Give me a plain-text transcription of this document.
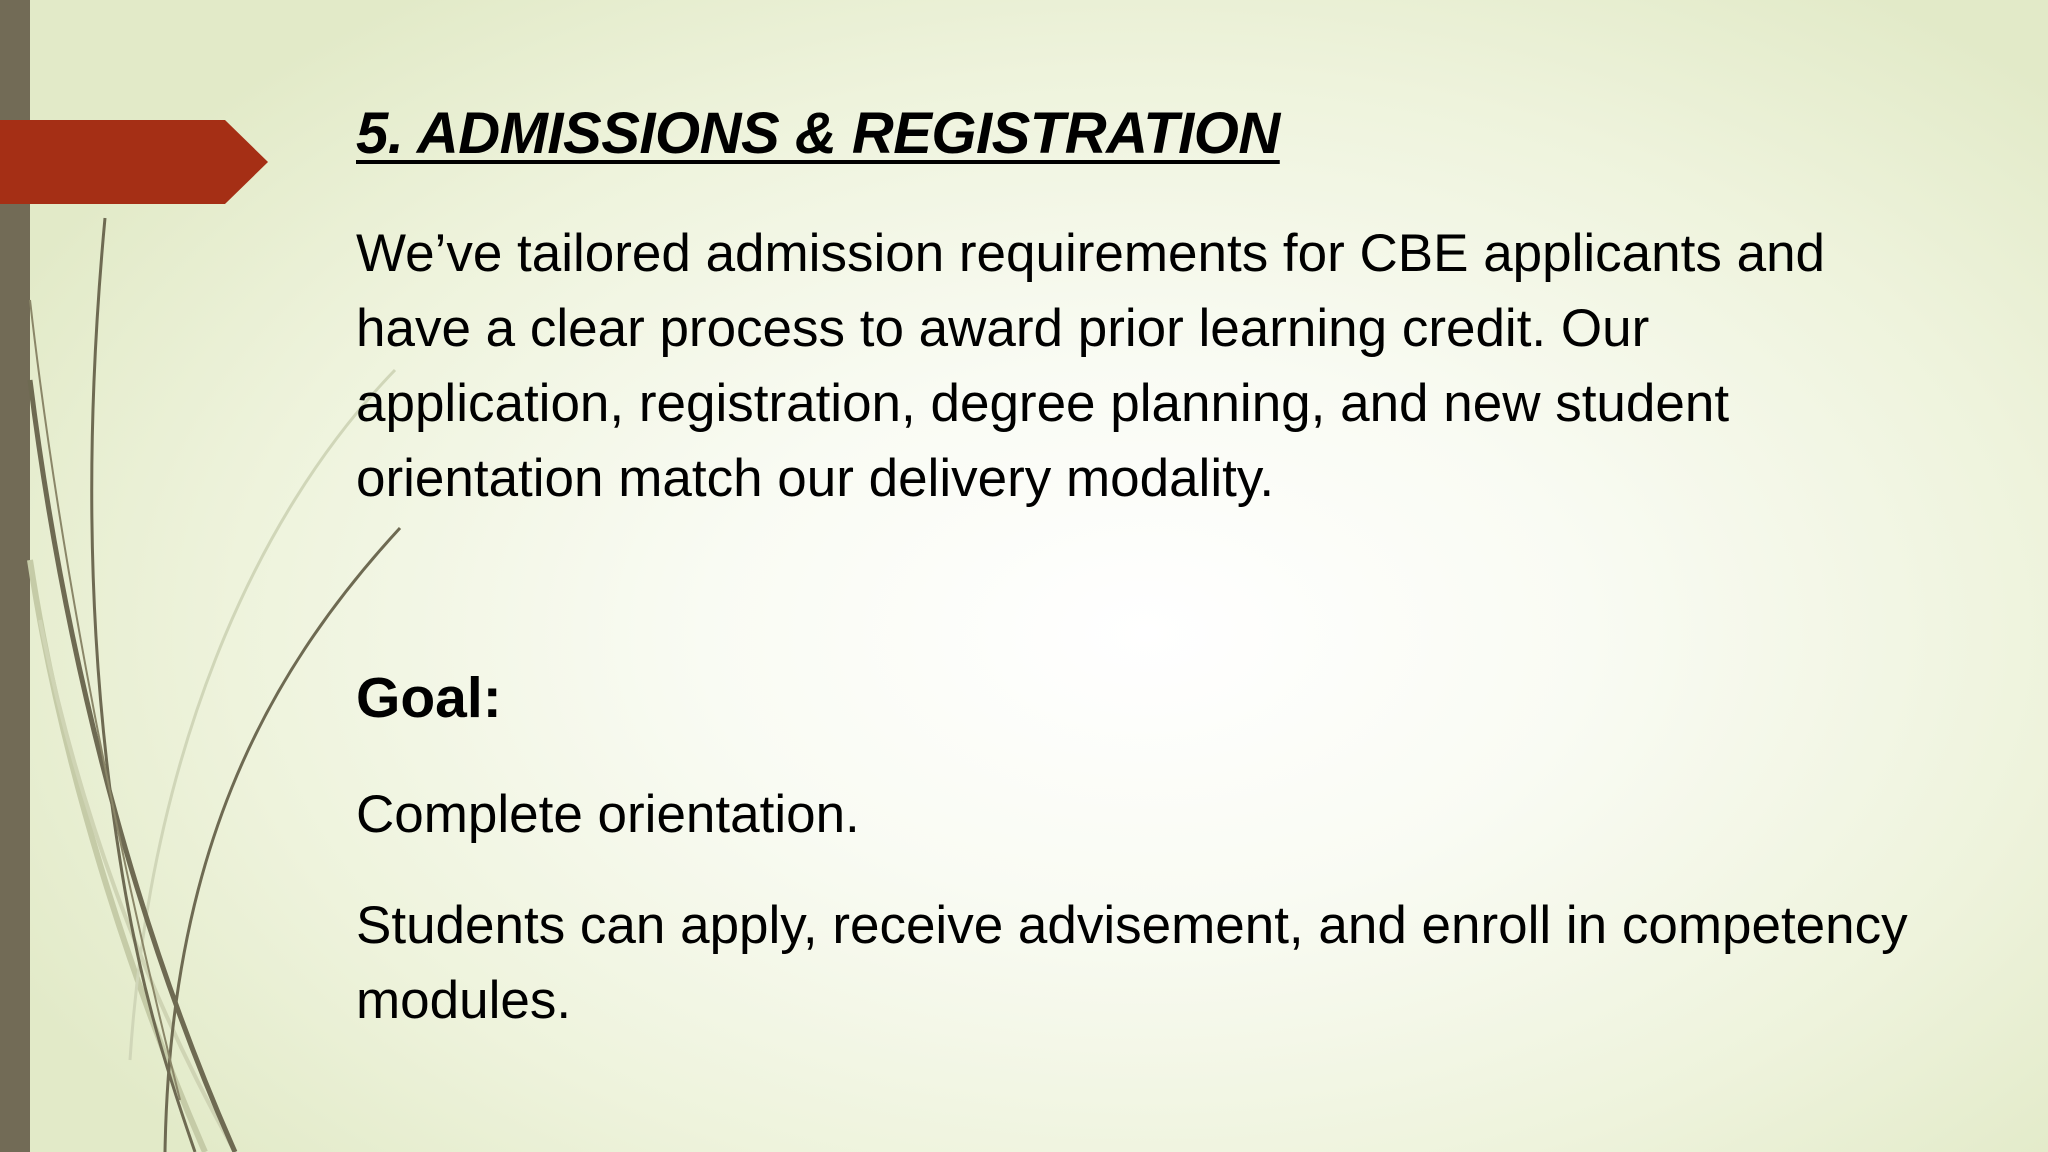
5. ADMISSIONS & REGISTRATION

We’ve tailored admission requirements for CBE applicants and have a clear process to award prior learning credit. Our application, registration, degree planning, and new student orientation match our delivery modality.

Goal:

Complete orientation.

Students can apply, receive advisement, and enroll in competency modules.
